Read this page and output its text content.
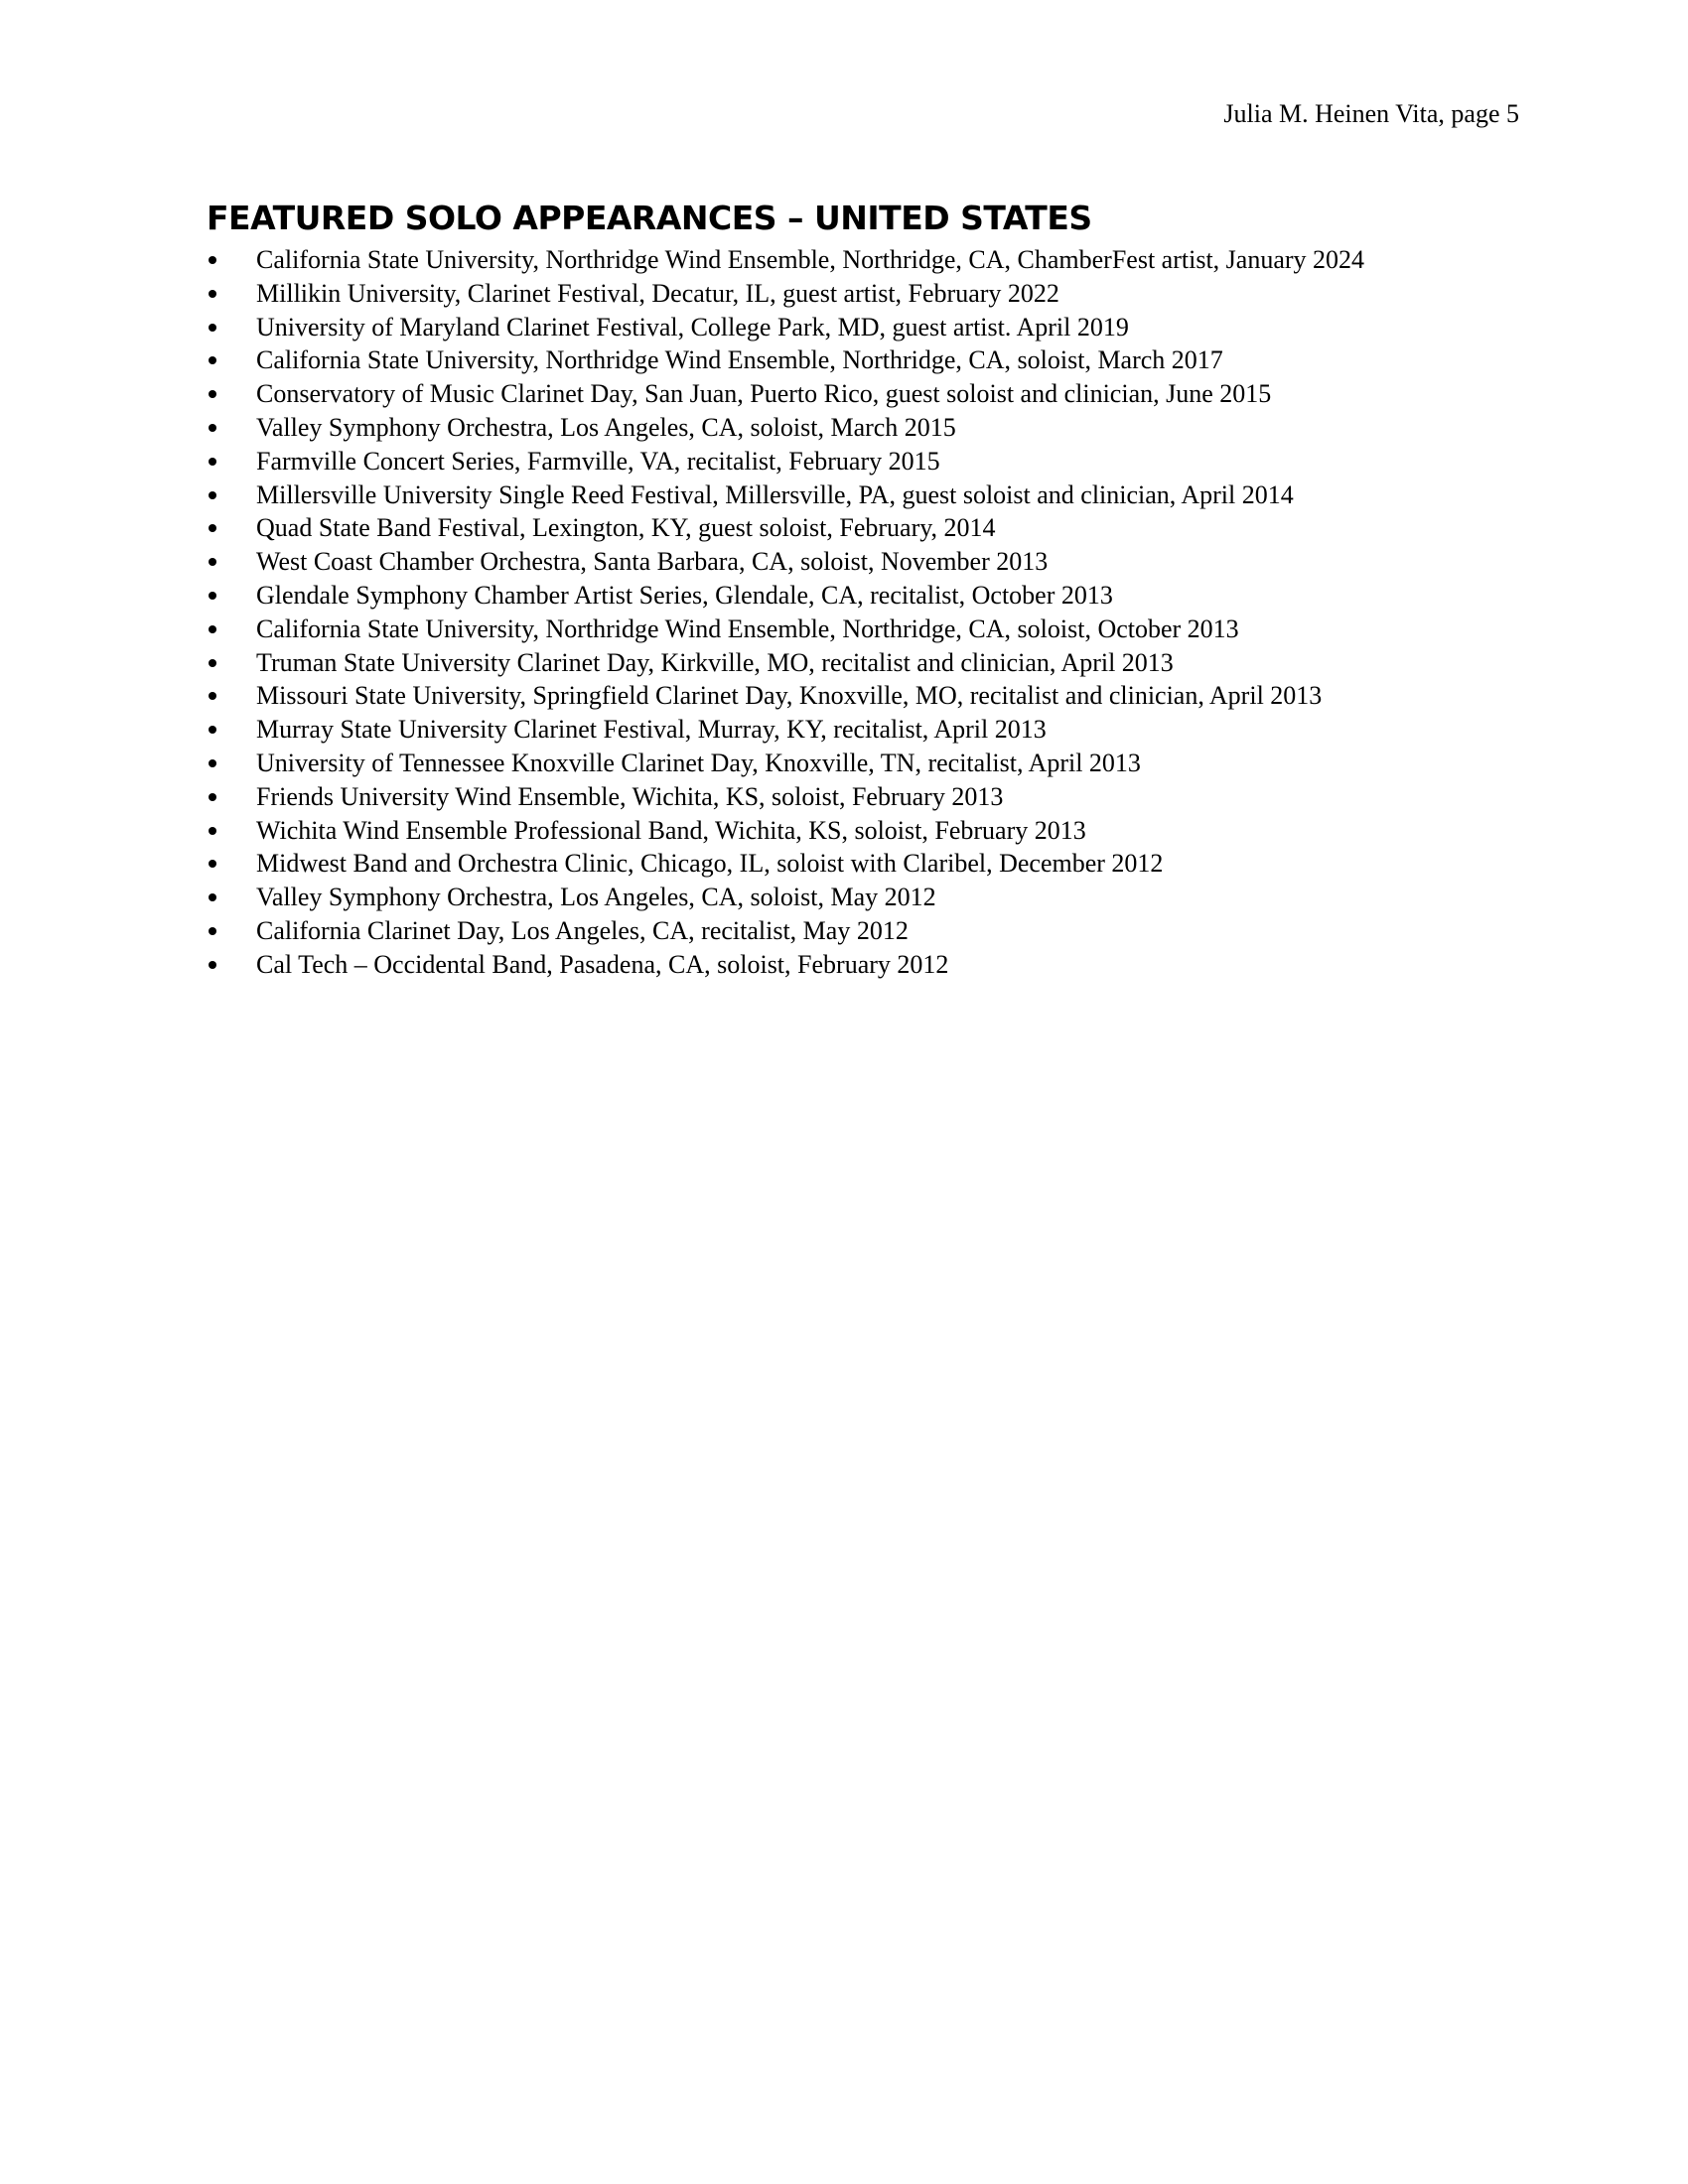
Julia M. Heinen Vita, page 5
FEATURED SOLO APPEARANCES – UNITED STATES
California State University, Northridge Wind Ensemble, Northridge, CA, ChamberFest artist, January 2024
Millikin University, Clarinet Festival, Decatur, IL, guest artist, February 2022
University of Maryland Clarinet Festival, College Park, MD, guest artist. April 2019
California State University, Northridge Wind Ensemble, Northridge, CA, soloist, March 2017
Conservatory of Music Clarinet Day, San Juan, Puerto Rico, guest soloist and clinician, June 2015
Valley Symphony Orchestra, Los Angeles, CA, soloist, March 2015
Farmville Concert Series, Farmville, VA, recitalist, February 2015
Millersville University Single Reed Festival, Millersville, PA, guest soloist and clinician, April 2014
Quad State Band Festival, Lexington, KY, guest soloist, February, 2014
West Coast Chamber Orchestra, Santa Barbara, CA, soloist, November 2013
Glendale Symphony Chamber Artist Series, Glendale, CA, recitalist, October 2013
California State University, Northridge Wind Ensemble, Northridge, CA, soloist, October 2013
Truman State University Clarinet Day, Kirkville, MO, recitalist and clinician, April 2013
Missouri State University, Springfield Clarinet Day, Knoxville, MO, recitalist and clinician, April 2013
Murray State University Clarinet Festival, Murray, KY, recitalist, April 2013
University of Tennessee Knoxville Clarinet Day, Knoxville, TN, recitalist, April 2013
Friends University Wind Ensemble, Wichita, KS, soloist, February 2013
Wichita Wind Ensemble Professional Band, Wichita, KS, soloist, February 2013
Midwest Band and Orchestra Clinic, Chicago, IL, soloist with Claribel, December 2012
Valley Symphony Orchestra, Los Angeles, CA, soloist, May 2012
California Clarinet Day, Los Angeles, CA, recitalist, May 2012
Cal Tech – Occidental Band, Pasadena, CA, soloist, February 2012
